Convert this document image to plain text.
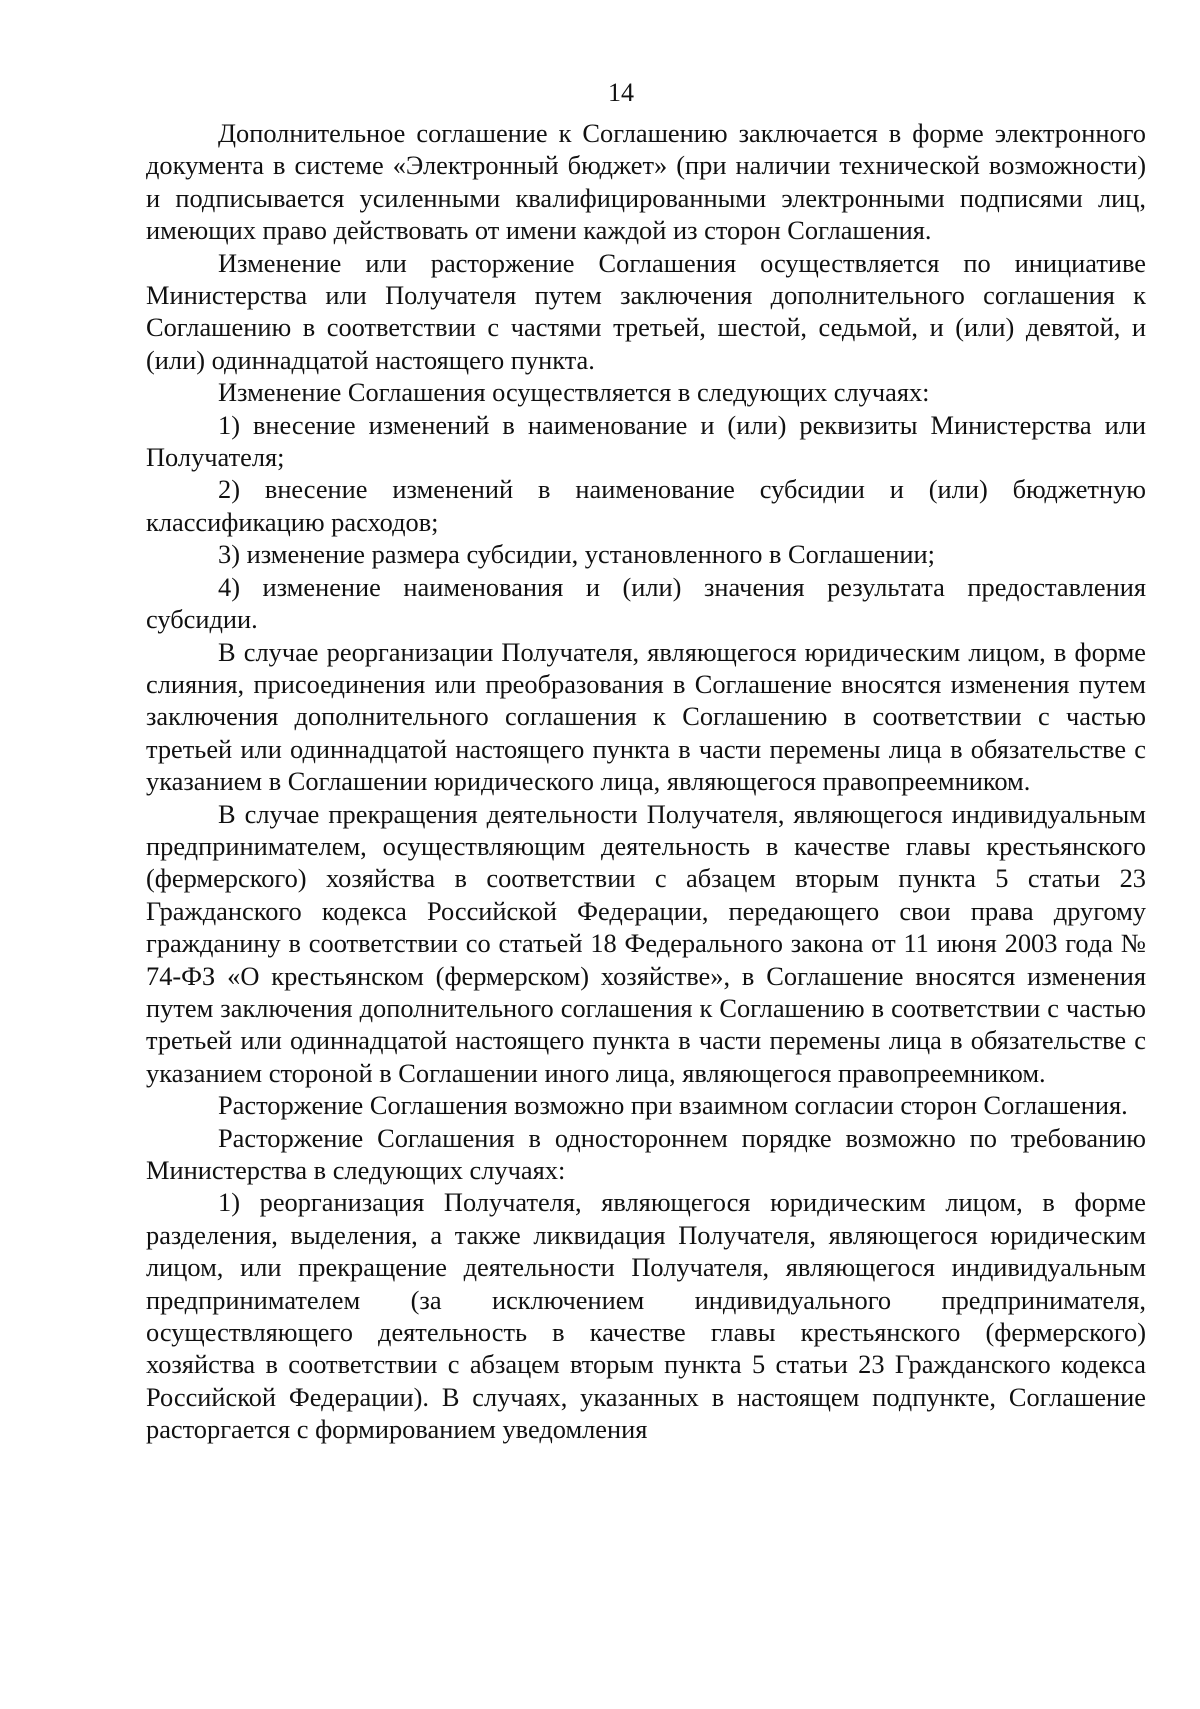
14

Дополнительное соглашение к Соглашению заключается в форме электронного документа в системе «Электронный бюджет» (при наличии технической возможности) и подписывается усиленными квалифицированными электронными подписями лиц, имеющих право действовать от имени каждой из сторон Соглашения.

Изменение или расторжение Соглашения осуществляется по инициативе Министерства или Получателя путем заключения дополнительного соглашения к Соглашению в соответствии с частями третьей, шестой, седьмой, и (или) девятой, и (или) одиннадцатой настоящего пункта.

Изменение Соглашения осуществляется в следующих случаях:

1) внесение изменений в наименование и (или) реквизиты Министерства или Получателя;

2) внесение изменений в наименование субсидии и (или) бюджетную классификацию расходов;

3) изменение размера субсидии, установленного в Соглашении;

4) изменение наименования и (или) значения результата предоставления субсидии.

В случае реорганизации Получателя, являющегося юридическим лицом, в форме слияния, присоединения или преобразования в Соглашение вносятся изменения путем заключения дополнительного соглашения к Соглашению в соответствии с частью третьей или одиннадцатой настоящего пункта в части перемены лица в обязательстве с указанием в Соглашении юридического лица, являющегося правопреемником.

В случае прекращения деятельности Получателя, являющегося индивидуальным предпринимателем, осуществляющим деятельность в качестве главы крестьянского (фермерского) хозяйства в соответствии с абзацем вторым пункта 5 статьи 23 Гражданского кодекса Российской Федерации, передающего свои права другому гражданину в соответствии со статьей 18 Федерального закона от 11 июня 2003 года № 74-ФЗ «О крестьянском (фермерском) хозяйстве», в Соглашение вносятся изменения путем заключения дополнительного соглашения к Соглашению в соответствии с частью третьей или одиннадцатой настоящего пункта в части перемены лица в обязательстве с указанием стороной в Соглашении иного лица, являющегося правопреемником.

Расторжение Соглашения возможно при взаимном согласии сторон Соглашения.

Расторжение Соглашения в одностороннем порядке возможно по требованию Министерства в следующих случаях:

1) реорганизация Получателя, являющегося юридическим лицом, в форме разделения, выделения, а также ликвидация Получателя, являющегося юридическим лицом, или прекращение деятельности Получателя, являющегося индивидуальным предпринимателем (за исключением индивидуального предпринимателя, осуществляющего деятельность в качестве главы крестьянского (фермерского) хозяйства в соответствии с абзацем вторым пункта 5 статьи 23 Гражданского кодекса Российской Федерации). В случаях, указанных в настоящем подпункте, Соглашение расторгается с формированием уведомления
